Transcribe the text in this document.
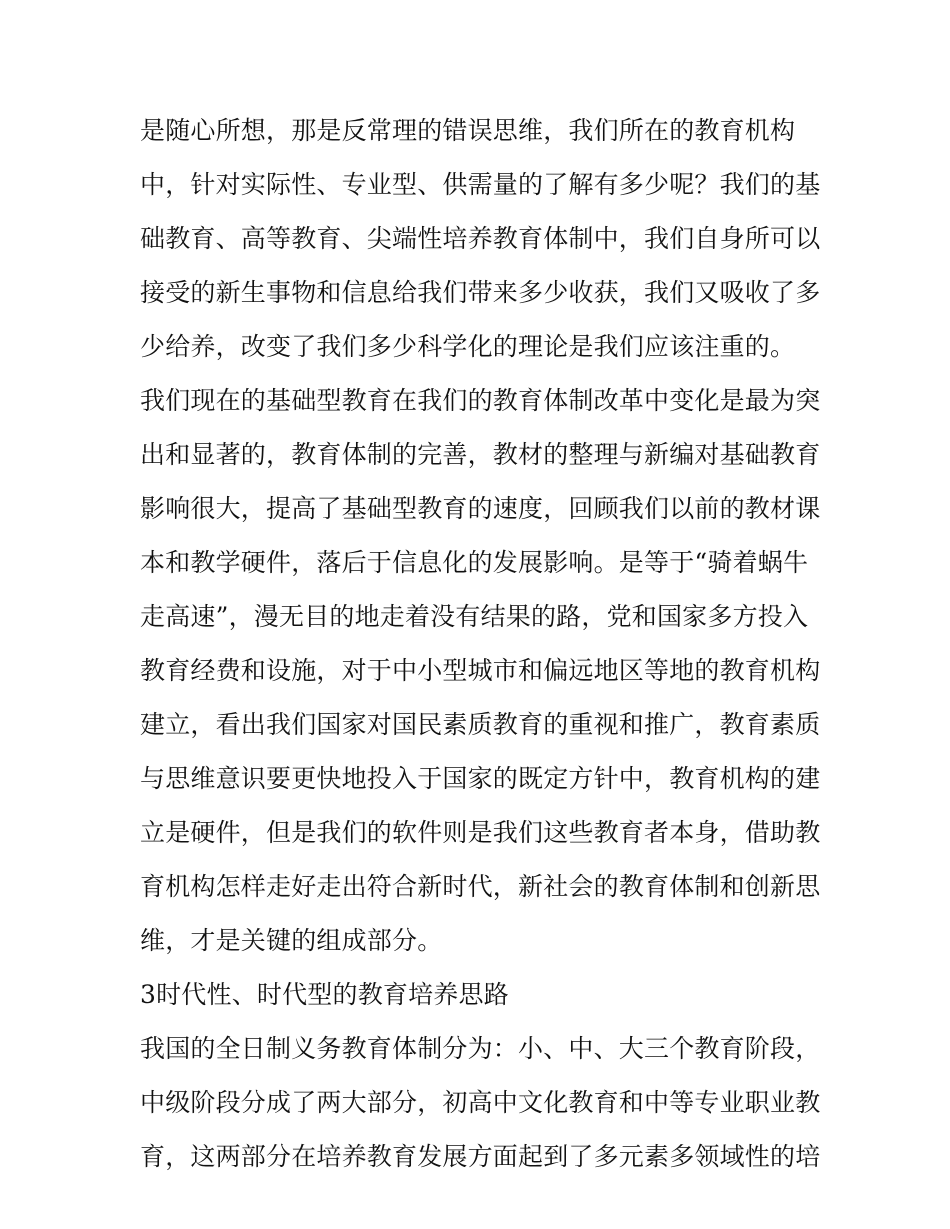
是随心所想，那是反常理的错误思维，我们所在的教育机构
中，针对实际性、专业型、供需量的了解有多少呢？我们的基
础教育、高等教育、尖端性培养教育体制中，我们自身所可以
接受的新生事物和信息给我们带来多少收获，我们又吸收了多
少给养，改变了我们多少科学化的理论是我们应该注重的。
我们现在的基础型教育在我们的教育体制改革中变化是最为突
出和显著的，教育体制的完善，教材的整理与新编对基础教育
影响很大，提高了基础型教育的速度，回顾我们以前的教材课
本和教学硬件，落后于信息化的发展影响。是等于“骑着蜗牛
走高速”，漫无目的地走着没有结果的路，党和国家多方投入
教育经费和设施，对于中小型城市和偏远地区等地的教育机构
建立，看出我们国家对国民素质教育的重视和推广，教育素质
与思维意识要更快地投入于国家的既定方针中，教育机构的建
立是硬件，但是我们的软件则是我们这些教育者本身，借助教
育机构怎样走好走出符合新时代，新社会的教育体制和创新思
维，才是关键的组成部分。
3时代性、时代型的教育培养思路
我国的全日制义务教育体制分为：小、中、大三个教育阶段，
中级阶段分成了两大部分，初高中文化教育和中等专业职业教
育，这两部分在培养教育发展方面起到了多元素多领域性的培
